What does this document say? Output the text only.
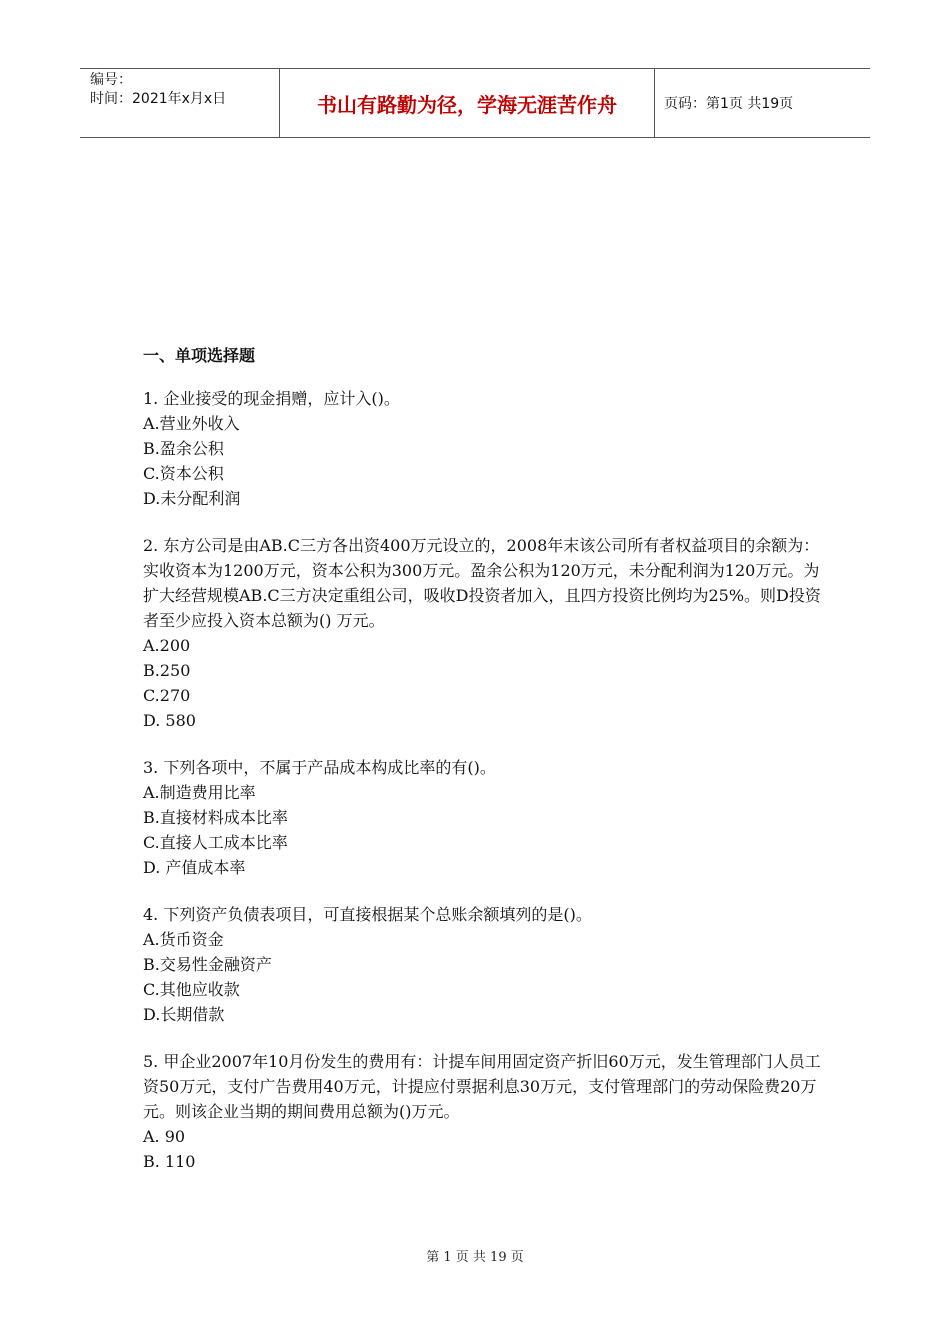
编号：
时间：2021年x月x日	书山有路勤为径，学海无涯苦作舟	页码：第1页 共19页
一、单项选择题

1. 企业接受的现金捐赠，应计入()。

A.营业外收入

B.盈余公积

C.资本公积

D.未分配利润

2. 东方公司是由AB.C三方各出资400万元设立的，2008年末该公司所有者权益项目的余额为：实收资本为1200万元，资本公积为300万元。盈余公积为120万元，未分配利润为120万元。为扩大经营规模AB.C三方决定重组公司，吸收D投资者加入，且四方投资比例均为25%。则D投资者至少应投入资本总额为() 万元。

A.200

B.250

C.270

D. 580

3. 下列各项中，不属于产品成本构成比率的有()。

A.制造费用比率

B.直接材料成本比率

C.直接人工成本比率

D. 产值成本率

4. 下列资产负债表项目，可直接根据某个总账余额填列的是()。

A.货币资金

B.交易性金融资产

C.其他应收款

D.长期借款

5. 甲企业2007年10月份发生的费用有：计提车间用固定资产折旧60万元，发生管理部门人员工资50万元，支付广告费用40万元，计提应付票据利息30万元，支付管理部门的劳动保险费20万元。则该企业当期的期间费用总额为()万元。

A. 90

B. 110

第 1 页 共 19 页
